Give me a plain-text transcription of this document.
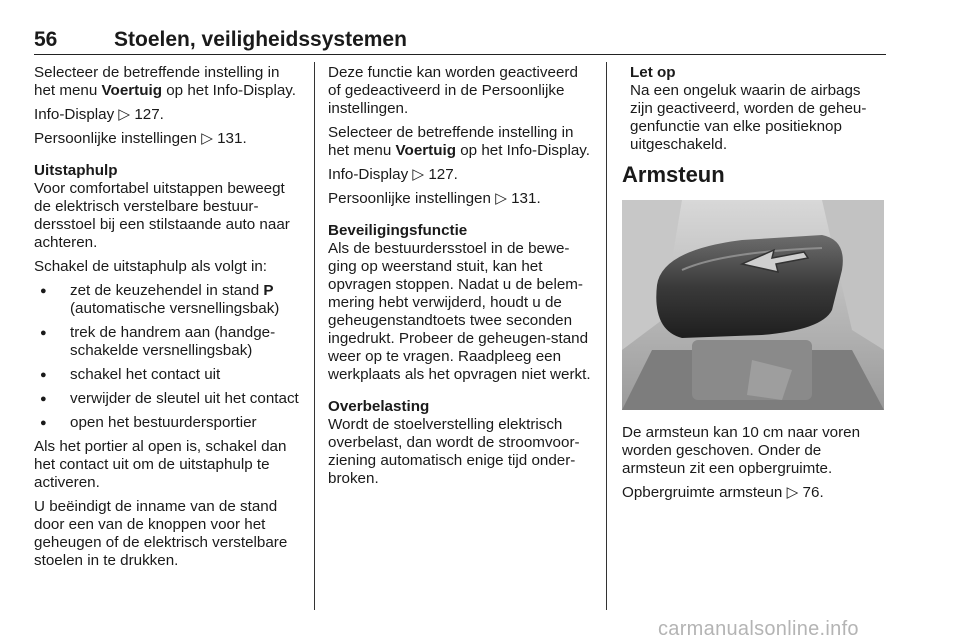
56	Stoelen, veiligheidssystemen

Selecteer de betreffende instelling in het menu Voertuig op het Info-Display.

Info-Display ▷ 127.

Persoonlijke instellingen ▷ 131.

Uitstaphulp

Voor comfortabel uitstappen beweegt de elektrisch verstelbare bestuur-dersstoel bij een stilstaande auto naar achteren.

Schakel de uitstaphulp als volgt in:

● zet de keuzehendel in stand P (automatische versnellingsbak)
● trek de handrem aan (handge-schakelde versnellingsbak)
● schakel het contact uit
● verwijder de sleutel uit het contact
● open het bestuurdersportier

Als het portier al open is, schakel dan het contact uit om de uitstaphulp te activeren.

U beëindigt de inname van de stand door een van de knoppen voor het geheugen of de elektrisch verstelbare stoelen in te drukken.

Deze functie kan worden geactiveerd of gedeactiveerd in de Persoonlijke instellingen.

Selecteer de betreffende instelling in het menu Voertuig op het Info-Display.

Info-Display ▷ 127.

Persoonlijke instellingen ▷ 131.

Beveiligingsfunctie

Als de bestuurdersstoel in de bewe-ging op weerstand stuit, kan het opvragen stoppen. Nadat u de belem-mering hebt verwijderd, houdt u de geheugenstandtoets twee seconden ingedrukt. Probeer de geheugen-stand weer op te vragen. Raadpleeg een werkplaats als het opvragen niet werkt.

Overbelasting

Wordt de stoelverstelling elektrisch overbelast, dan wordt de stroomvoor-ziening automatisch enige tijd onder-broken.

Let op

Na een ongeluk waarin de airbags zijn geactiveerd, worden de geheu-genfunctie van elke positieknop uitgeschakeld.

Armsteun

De armsteun kan 10 cm naar voren worden geschoven. Onder de armsteun zit een opbergruimte.

Opbergruimte armsteun ▷ 76.

carmanualsonline.info
